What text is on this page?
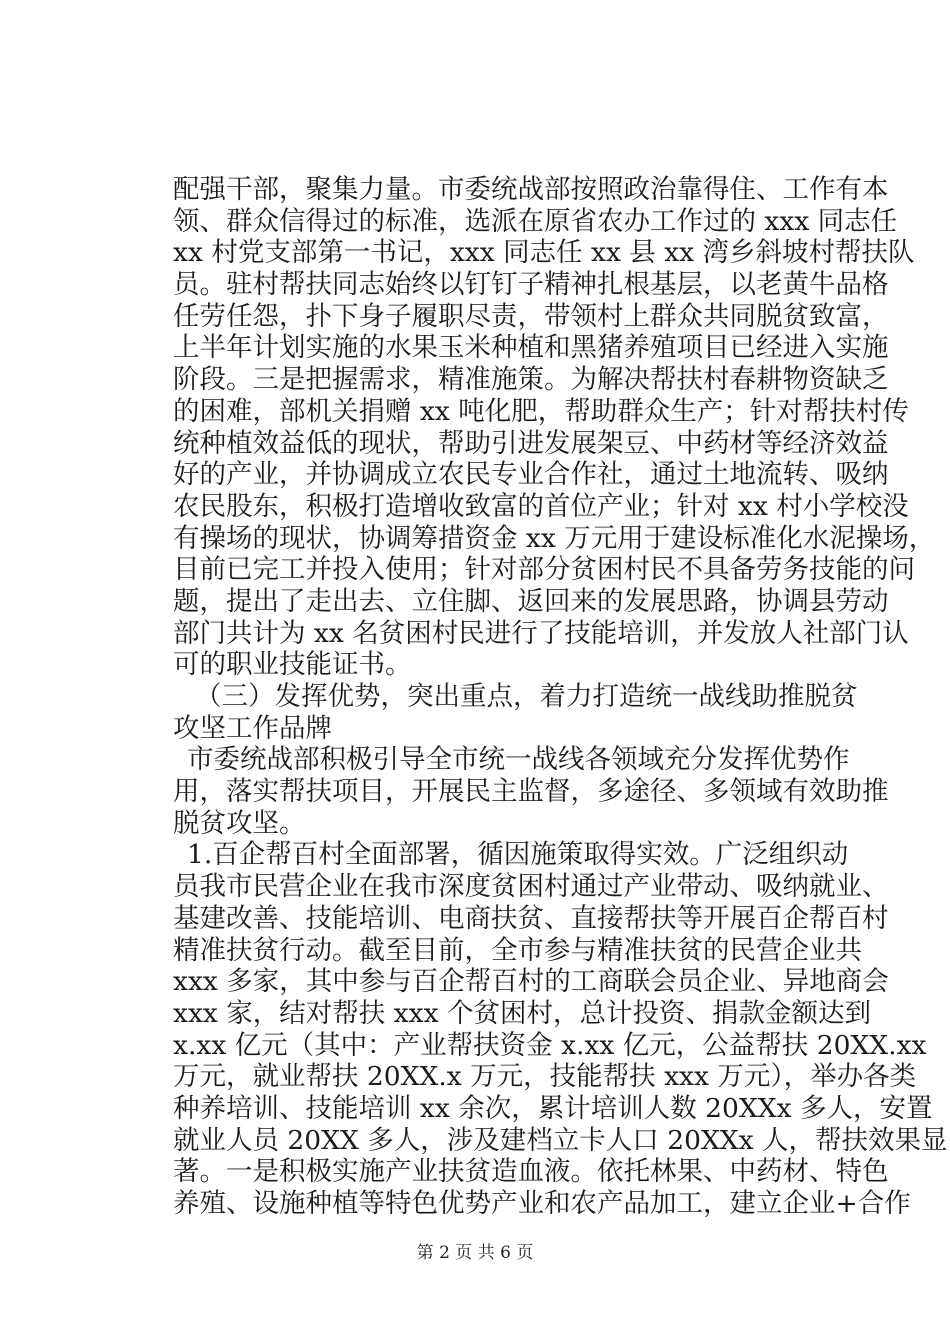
配强干部，聚集力量。市委统战部按照政治靠得住、工作有本

领、群众信得过的标准，选派在原省农办工作过的 xxx 同志任

xx 村党支部第一书记，xxx 同志任 xx 县 xx 湾乡斜坡村帮扶队

员。驻村帮扶同志始终以钉钉子精神扎根基层，以老黄牛品格

任劳任怨，扑下身子履职尽责，带领村上群众共同脱贫致富，

上半年计划实施的水果玉米种植和黑猪养殖项目已经进入实施

阶段。三是把握需求，精准施策。为解决帮扶村春耕物资缺乏

的困难，部机关捐赠 xx 吨化肥，帮助群众生产；针对帮扶村传

统种植效益低的现状，帮助引进发展架豆、中药材等经济效益

好的产业，并协调成立农民专业合作社，通过土地流转、吸纳

农民股东，积极打造增收致富的首位产业；针对 xx 村小学校没

有操场的现状，协调筹措资金 xx 万元用于建设标准化水泥操场，

目前已完工并投入使用；针对部分贫困村民不具备劳务技能的问

题，提出了走出去、立住脚、返回来的发展思路，协调县劳动

部门共计为 xx 名贫困村民进行了技能培训，并发放人社部门认

可的职业技能证书。

（三）发挥优势，突出重点，着力打造统一战线助推脱贫

攻坚工作品牌

市委统战部积极引导全市统一战线各领域充分发挥优势作

用，落实帮扶项目，开展民主监督，多途径、多领域有效助推

脱贫攻坚。

1.百企帮百村全面部署，循因施策取得实效。广泛组织动

员我市民营企业在我市深度贫困村通过产业带动、吸纳就业、

基建改善、技能培训、电商扶贫、直接帮扶等开展百企帮百村

精准扶贫行动。截至目前，全市参与精准扶贫的民营企业共

xxx 多家，其中参与百企帮百村的工商联会员企业、异地商会

xxx 家，结对帮扶 xxx 个贫困村，总计投资、捐款金额达到

x.xx 亿元（其中：产业帮扶资金 x.xx 亿元，公益帮扶 20XX.xx

万元，就业帮扶 20XX.x 万元，技能帮扶 xxx 万元），举办各类

种养培训、技能培训 xx 余次，累计培训人数 20XXx 多人，安置

就业人员 20XX 多人，涉及建档立卡人口 20XXx 人，帮扶效果显

著。一是积极实施产业扶贫造血液。依托林果、中药材、特色

养殖、设施种植等特色优势产业和农产品加工，建立企业+合作

第 2 页 共 6 页
